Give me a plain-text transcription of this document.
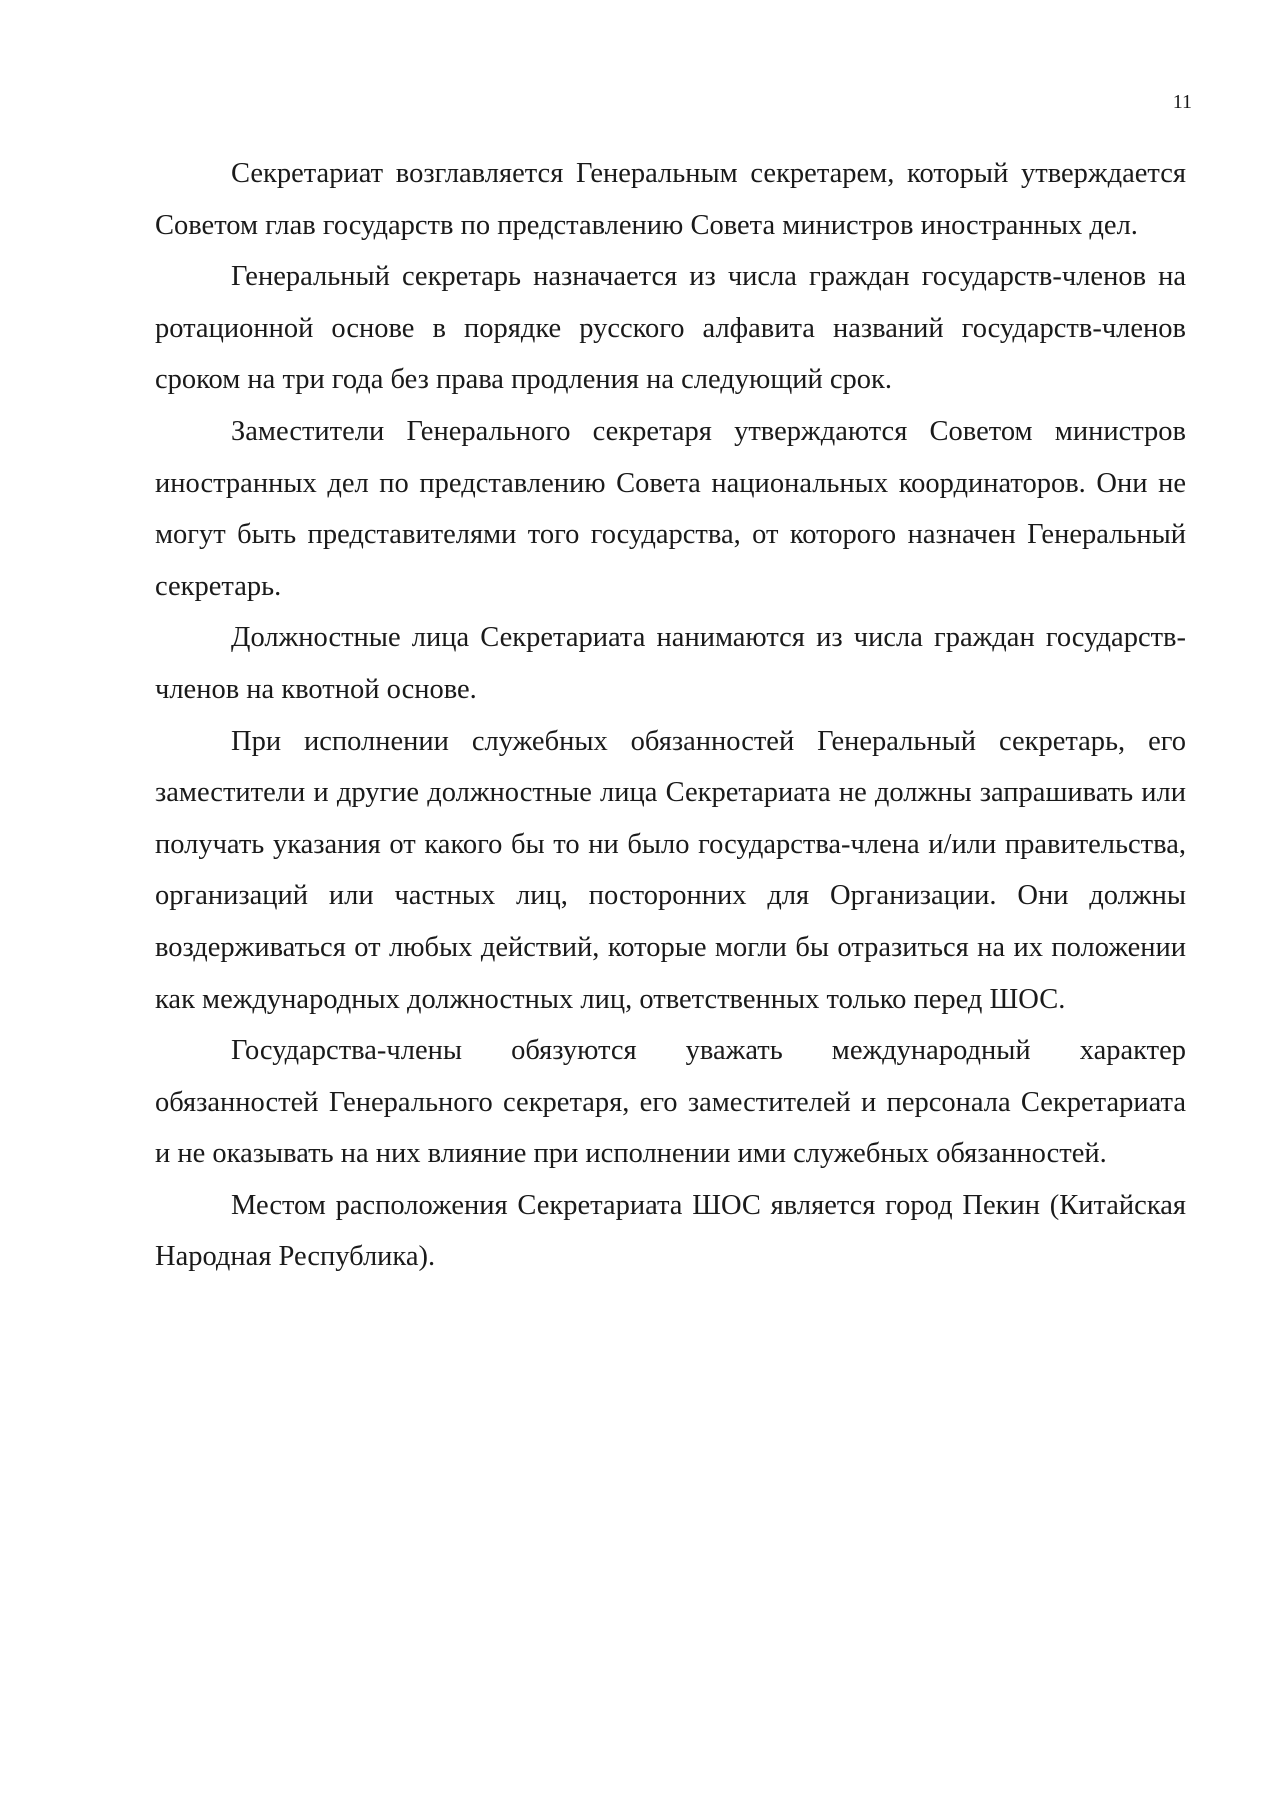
11

Секретариат возглавляется Генеральным секретарем, который утверждается Советом глав государств по представлению Совета министров иностранных дел.

Генеральный секретарь назначается из числа граждан государств-членов на ротационной основе в порядке русского алфавита названий государств-членов сроком на три года без права продления на следующий срок.

Заместители Генерального секретаря утверждаются Советом министров иностранных дел по представлению Совета национальных координаторов. Они не могут быть представителями того государства, от которого назначен Генеральный секретарь.

Должностные лица Секретариата нанимаются из числа граждан государств-членов на квотной основе.

При исполнении служебных обязанностей Генеральный секретарь, его заместители и другие должностные лица Секретариата не должны запрашивать или получать указания от какого бы то ни было государства-члена и/или правительства, организаций или частных лиц, посторонних для Организации. Они должны воздерживаться от любых действий, которые могли бы отразиться на их положении как международных должностных лиц, ответственных только перед ШОС.

Государства-члены обязуются уважать международный характер обязанностей Генерального секретаря, его заместителей и персонала Секретариата и не оказывать на них влияние при исполнении ими служебных обязанностей.

Местом расположения Секретариата ШОС является город Пекин (Китайская Народная Республика).
